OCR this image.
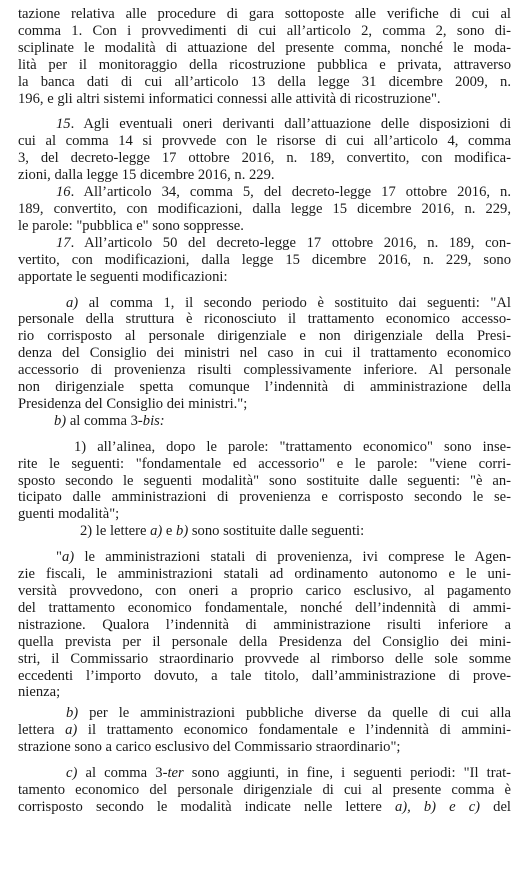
tazione relativa alle procedure di gara sottoposte alle verifiche di cui al

comma 1. Con i provvedimenti di cui all’articolo 2, comma 2, sono di-

sciplinate le modalità di attuazione del presente comma, nonché le moda-

lità per il monitoraggio della ricostruzione pubblica e privata, attraverso

la banca dati di cui all’articolo 13 della legge 31 dicembre 2009, n.

196, e gli altri sistemi informatici connessi alle attività di ricostruzione".

15. Agli eventuali oneri derivanti dall’attuazione delle disposizioni di

cui al comma 14 si provvede con le risorse di cui all’articolo 4, comma

3, del decreto-legge 17 ottobre 2016, n. 189, convertito, con modifica-

zioni, dalla legge 15 dicembre 2016, n. 229.

16. All’articolo 34, comma 5, del decreto-legge 17 ottobre 2016, n.

189, convertito, con modificazioni, dalla legge 15 dicembre 2016, n. 229,

le parole: "pubblica e" sono soppresse.

17. All’articolo 50 del decreto-legge 17 ottobre 2016, n. 189, con-

vertito, con modificazioni, dalla legge 15 dicembre 2016, n. 229, sono

apportate le seguenti modificazioni:

a) al comma 1, il secondo periodo è sostituito dai seguenti: "Al

personale della struttura è riconosciuto il trattamento economico accesso-

rio corrisposto al personale dirigenziale e non dirigenziale della Presi-

denza del Consiglio dei ministri nel caso in cui il trattamento economico

accessorio di provenienza risulti complessivamente inferiore. Al personale

non dirigenziale spetta comunque l’indennità di amministrazione della

Presidenza del Consiglio dei ministri.";

b) al comma 3-bis:

1) all’alinea, dopo le parole: "trattamento economico" sono inse-

rite le seguenti: "fondamentale ed accessorio" e le parole: "viene corri-

sposto secondo le seguenti modalità" sono sostituite dalle seguenti: "è an-

ticipato dalle amministrazioni di provenienza e corrisposto secondo le se-

guenti modalità";

2) le lettere a) e b) sono sostituite dalle seguenti:

"a) le amministrazioni statali di provenienza, ivi comprese le Agen-

zie fiscali, le amministrazioni statali ad ordinamento autonomo e le uni-

versità provvedono, con oneri a proprio carico esclusivo, al pagamento

del trattamento economico fondamentale, nonché dell’indennità di ammi-

nistrazione. Qualora l’indennità di amministrazione risulti inferiore a

quella prevista per il personale della Presidenza del Consiglio dei mini-

stri, il Commissario straordinario provvede al rimborso delle sole somme

eccedenti l’importo dovuto, a tale titolo, dall’amministrazione di prove-

nienza;

b) per le amministrazioni pubbliche diverse da quelle di cui alla

lettera a) il trattamento economico fondamentale e l’indennità di ammini-

strazione sono a carico esclusivo del Commissario straordinario";

c) al comma 3-ter sono aggiunti, in fine, i seguenti periodi: "Il trat-

tamento economico del personale dirigenziale di cui al presente comma è

corrisposto secondo le modalità indicate nelle lettere a), b) e c) del
